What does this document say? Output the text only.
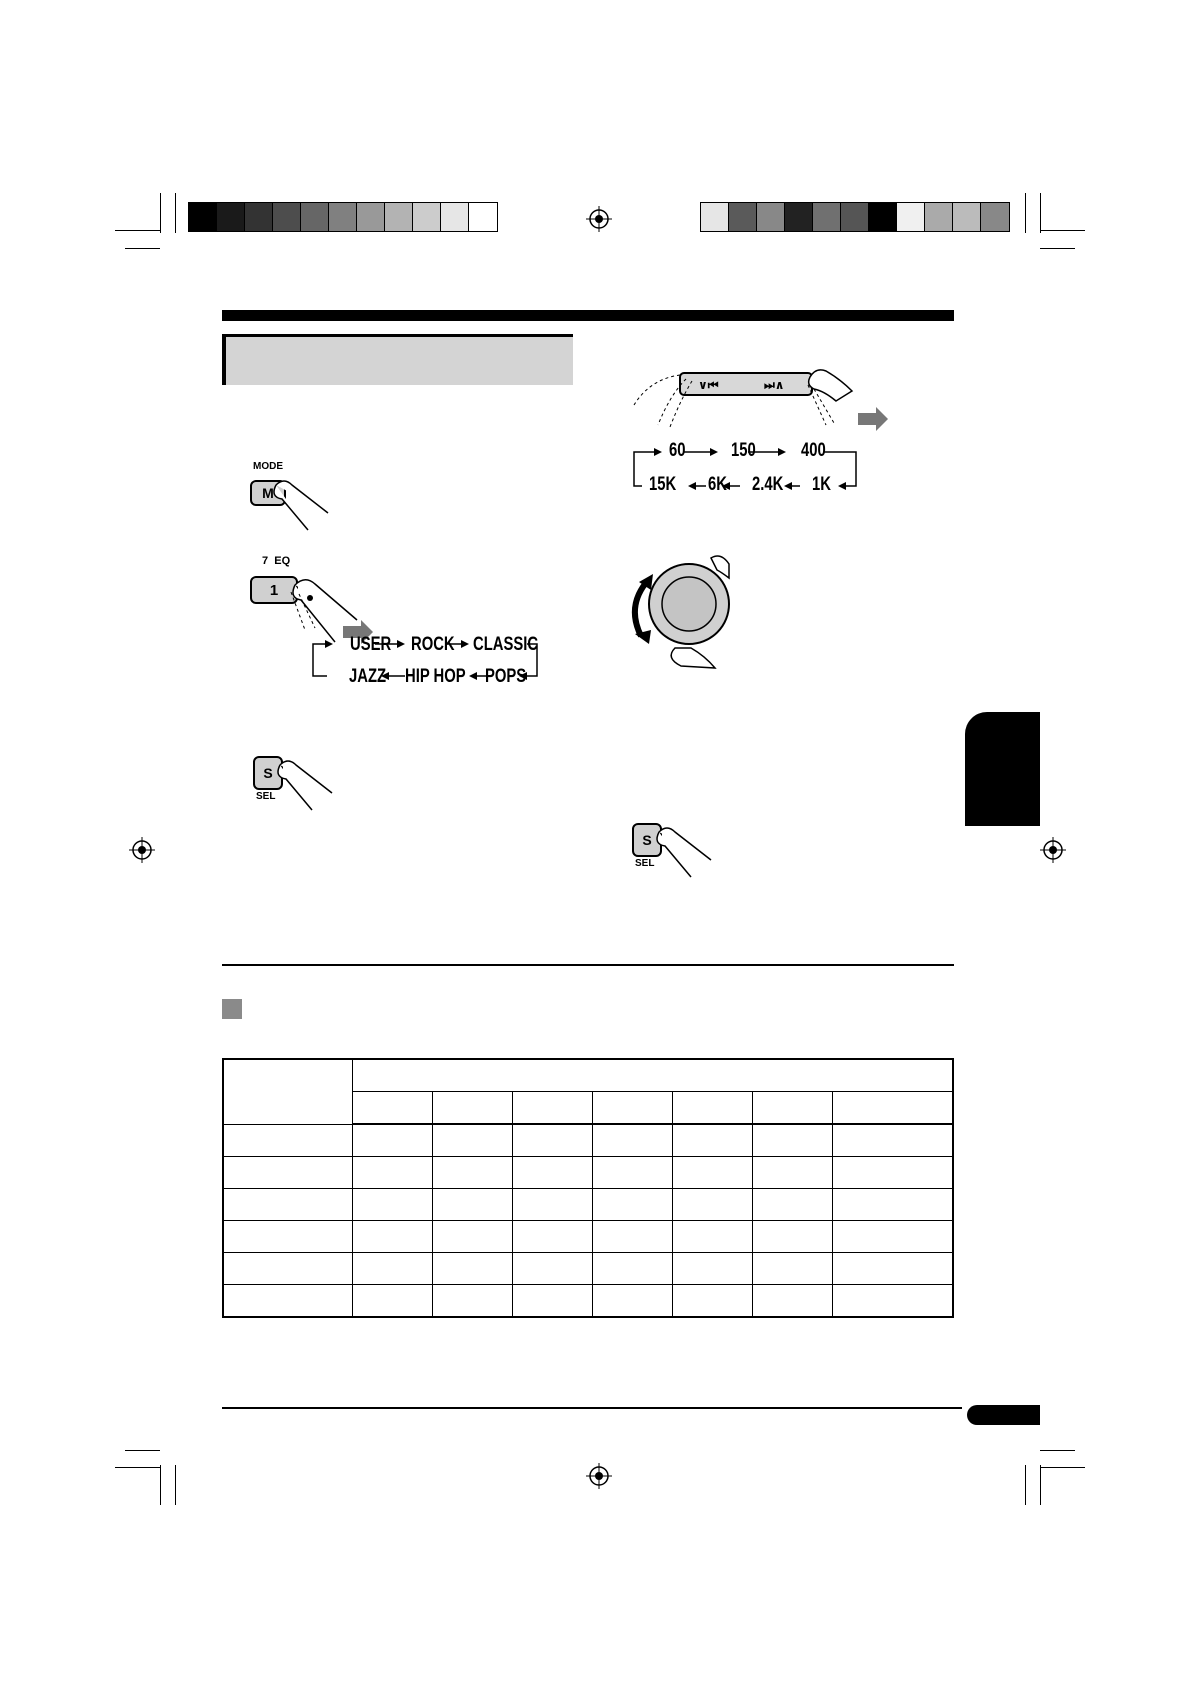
MODE
M
7  EQ
1
USER ROCK CLASSIC
JAZZ HIP HOP POPS
S
SEL
∨⏮	⏭∧
60 150 400
15K 6K 2.4K 1K
S
SEL
